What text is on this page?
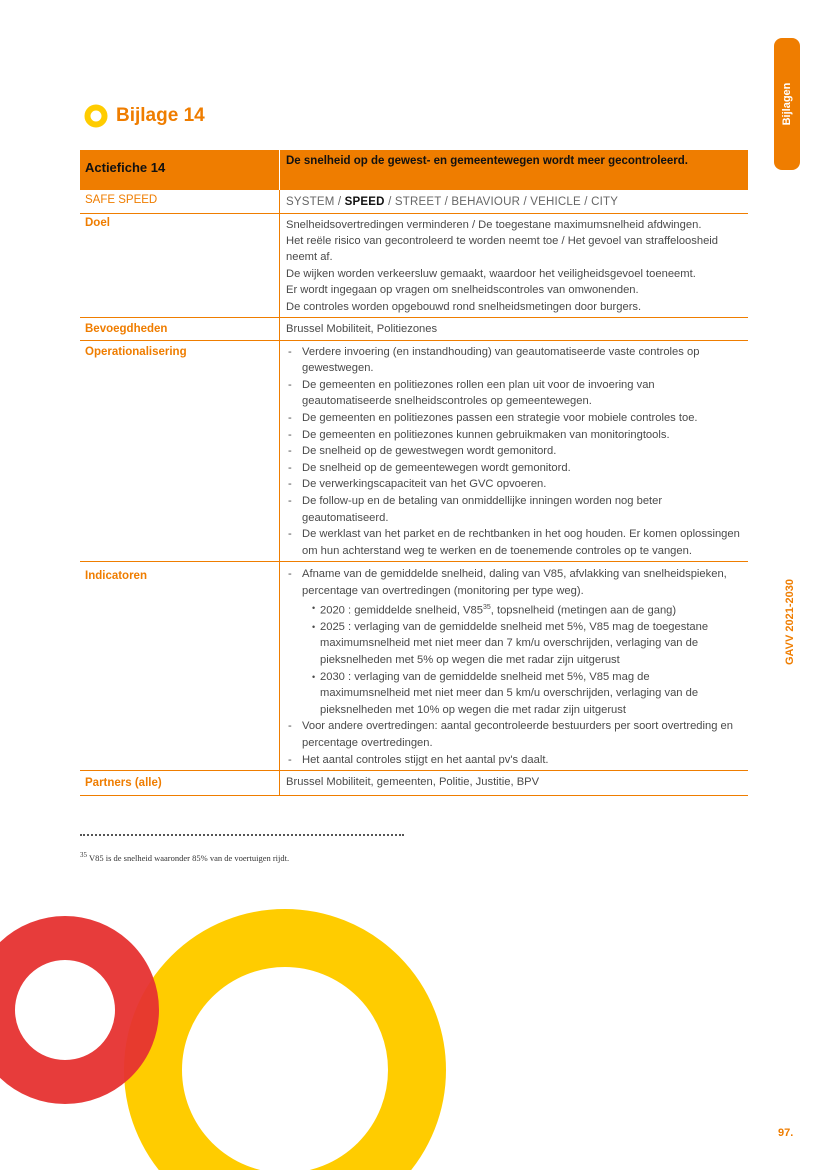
Bijlagen
GAVV 2021-2030
Bijlage 14
Actiefiche 14	De snelheid op de gewest- en gemeentewegen wordt meer gecontroleerd.
SAFE SPEED	SYSTEM / SPEED / STREET / BEHAVIOUR / VEHICLE / CITY
Doel	Snelheidsovertredingen verminderen / De toegestane maximumsnelheid afdwingen.
Het reële risico van gecontroleerd te worden neemt toe / Het gevoel van straffeloosheid neemt af.
De wijken worden verkeersluw gemaakt, waardoor het veiligheidsgevoel toeneemt.
Er wordt ingegaan op vragen om snelheidscontroles van omwonenden.
De controles worden opgebouwd rond snelheidsmetingen door burgers.
Bevoegdheden	Brussel Mobiliteit, Politiezones
Operationalisering	- Verdere invoering (en instandhouding) van geautomatiseerde vaste controles op gewestwegen.
- De gemeenten en politiezones rollen een plan uit voor de invoering van geautomatiseerde snelheidscontroles op gemeentewegen.
- De gemeenten en politiezones passen een strategie voor mobiele controles toe.
- De gemeenten en politiezones kunnen gebruikmaken van monitoringtools.
- De snelheid op de gewestwegen wordt gemonitord.
- De snelheid op de gemeentewegen wordt gemonitord.
- De verwerkingscapaciteit van het GVC opvoeren.
- De follow-up en de betaling van onmiddellijke inningen worden nog beter geautomatiseerd.
- De werklast van het parket en de rechtbanken in het oog houden. Er komen oplossingen om hun achterstand weg te werken en de toenemende controles op te vangen.
Indicatoren	- Afname van de gemiddelde snelheid, daling van V85, afvlakking van snelheidspieken, percentage van overtredingen (monitoring per type weg).
• 2020 : gemiddelde snelheid, $V85^{35}$, topsnelheid (metingen aan de gang)
• 2025 : verlaging van de gemiddelde snelheid met 5%, V85 mag de toegestane maximumsnelheid met niet meer dan 7 km/u overschrijden, verlaging van de pieksnelheden met 5% op wegen die met radar zijn uitgerust
• 2030 : verlaging van de gemiddelde snelheid met 5%, V85 mag de maximumsnelheid met niet meer dan 5 km/u overschrijden, verlaging van de pieksnelheden met 10% op wegen die met radar zijn uitgerust
- Voor andere overtredingen: aantal gecontroleerde bestuurders per soort overtreding en percentage overtredingen.
- Het aantal controles stijgt en het aantal pv's daalt.
Partners (alle)	Brussel Mobiliteit, gemeenten, Politie, Justitie, BPV
$^{35}$ V85 is de snelheid waaronder 85% van de voertuigen rijdt.
97.
